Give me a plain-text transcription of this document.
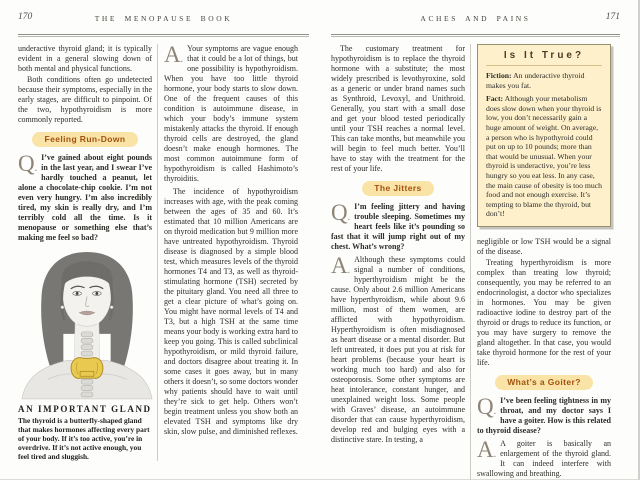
170	THE MENOPAUSE BOOK

underactive thyroid gland; it is typically evident in a general slowing down of both mental and physical functions.

Both conditions often go undetected because their symptoms, especially in the early stages, are difficult to pinpoint. Of the two, hypothyroidism is more commonly reported.

Feeling Run-Down
Q.
I’ve gained about eight pounds in the last year, and I swear I’ve hardly touched a peanut, let alone a chocolate-chip cookie. I’m not even very hungry. I’m also incredibly tired, my skin is really dry, and I’m terribly cold all the time. Is it menopause or something else that’s making me feel so bad?
AN IMPORTANT GLAND
The thyroid is a butterfly-shaped gland that makes hormones affecting every part of your body. If it’s too active, you’re in overdrive. If it’s not active enough, you feel tired and sluggish.
A.
Your symptoms are vague enough that it could be a lot of things, but one possibility is hypothyroidism. When you have too little thyroid hormone, your body starts to slow down. One of the frequent causes of this condition is autoimmune disease, in which your body’s immune system mistakenly attacks the thyroid. If enough thyroid cells are destroyed, the gland doesn’t make enough hormones. The most common autoimmune form of hypothyroidism is called Hashimoto’s thyroiditis.

The incidence of hypothyroidism increases with age, with the peak coming between the ages of 35 and 60. It’s estimated that 10 million Americans are on thyroid medication but 9 million more have untreated hypothyroidism. Thyroid disease is diagnosed by a simple blood test, which measures levels of the thyroid hormones T4 and T3, as well as thyroid-stimulating hormone (TSH) secreted by the pituitary gland. You need all three to get a clear picture of what’s going on. You might have normal levels of T4 and T3, but a high TSH at the same time means your body is working extra hard to keep you going. This is called subclinical hypothyroidism, or mild thyroid failure, and doctors disagree about treating it. In some cases it goes away, but in many others it doesn’t, so some doctors wonder why patients should have to wait until they’re sick to get help. Others won’t begin treatment unless you show both an elevated TSH and symptoms like dry skin, slow pulse, and diminished reflexes.

ACHES AND PAINS	171

The customary treatment for hypothyroidism is to replace the thyroid hormone with a substitute; the most widely prescribed is levothyroxine, sold as a generic or under brand names such as Synthroid, Levoxyl, and Unithroid. Generally, you start with a small dose and get your blood tested periodically until your TSH reaches a normal level. This can take months, but meanwhile you will begin to feel much better. You’ll have to stay with the treatment for the rest of your life.

The Jitters
Q.
I’m feeling jittery and having trouble sleeping. Sometimes my heart feels like it’s pounding so fast that it will jump right out of my chest. What’s wrong?
A.
Although these symptoms could signal a number of conditions, hyperthyroidism might be the cause. Only about 2.6 million Americans have hyperthyroidism, while about 9.6 million, most of them women, are afflicted with hypothyroidism. Hyperthyroidism is often misdiagnosed as heart disease or a mental disorder. But left untreated, it does put you at risk for heart problems (because your heart is working much too hard) and also for osteoporosis. Some other symptoms are heat intolerance, constant hunger, and unexplained weight loss. Some people with Graves’ disease, an autoimmune disorder that can cause hyperthyroidism, develop red and bulging eyes with a distinctive stare. In testing, a
Is It True?

Fiction: An underactive thyroid makes you fat.

Fact: Although your metabolism does slow down when your thyroid is low, you don’t necessarily gain a huge amount of weight. On average, a person who is hypothyroid could put on up to 10 pounds; more than that would be unusual. When your thyroid is underactive, you’re less hungry so you eat less. In any case, the main cause of obesity is too much food and not enough exercise. It’s tempting to blame the thyroid, but don’t!

negligible or low TSH would be a signal of the disease.

Treating hyperthyroidism is more complex than treating low thyroid; consequently, you may be referred to an endocrinologist, a doctor who specializes in hormones. You may be given radioactive iodine to destroy part of the thyroid or drugs to reduce its function, or you may have surgery to remove the gland altogether. In that case, you would take thyroid hormone for the rest of your life.

What’s a Goiter?
Q.
I’ve been feeling tightness in my throat, and my doctor says I have a goiter. How is this related to thyroid disease?
A.
A goiter is basically an enlargement of the thyroid gland. It can indeed interfere with swallowing and breathing.
